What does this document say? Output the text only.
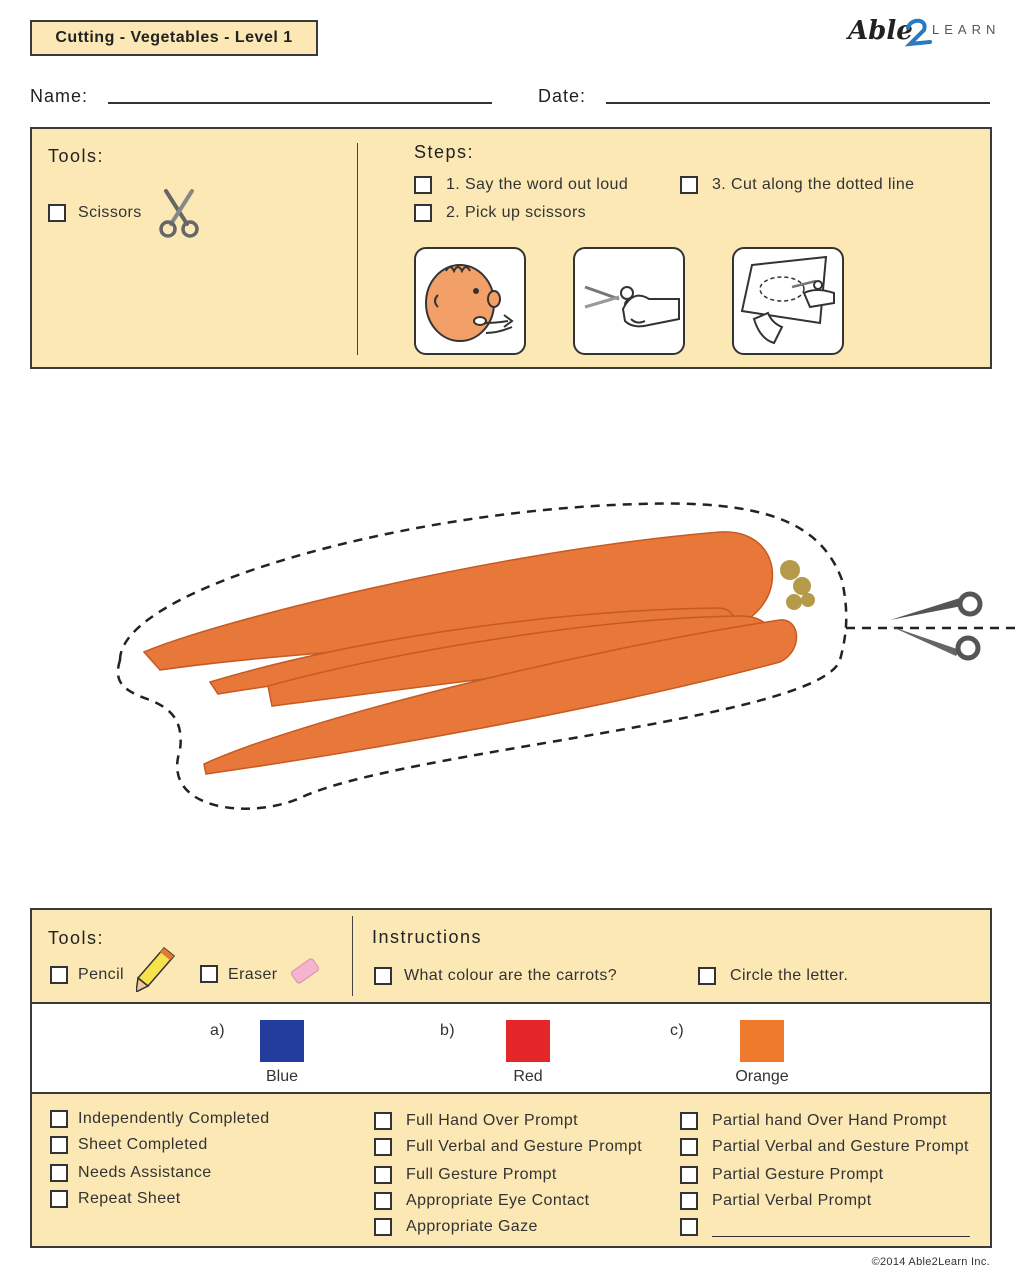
Cutting - Vegetables - Level 1	Able LEARN
Name:	Date:
Tools:
Scissors
Steps:
1. Say the word out loud
2. Pick up scissors
3. Cut along the dotted line
Tools:
Pencil	Eraser
Instructions
What colour are the carrots?	Circle the letter.
a)
Blue
b)
Red
c)
Orange
Independently Completed
Sheet Completed
Needs Assistance
Repeat Sheet
Full Hand Over Prompt
Full Verbal and Gesture Prompt
Full Gesture Prompt
Appropriate Eye Contact
Appropriate Gaze
Partial hand Over Hand Prompt
Partial Verbal and Gesture Prompt
Partial Gesture Prompt
Partial Verbal Prompt
©2014 Able2Learn Inc.
